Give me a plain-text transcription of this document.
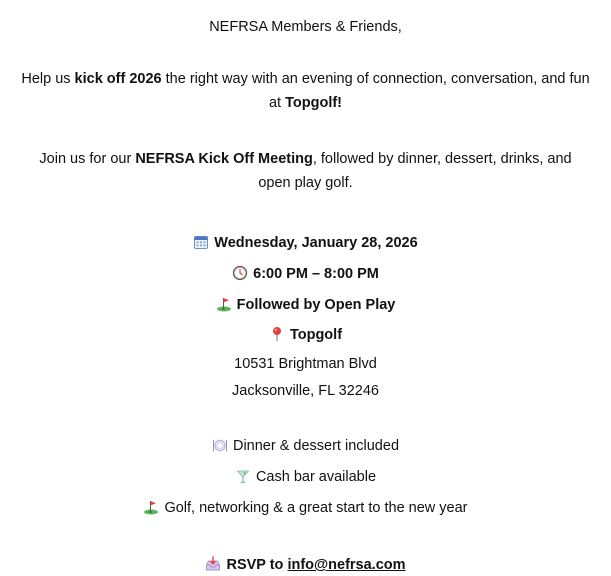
NEFRSA Members & Friends,
Help us kick off 2026 the right way with an evening of connection, conversation, and fun at Topgolf!
Join us for our NEFRSA Kick Off Meeting, followed by dinner, dessert, drinks, and open play golf.
Wednesday, January 28, 2026
6:00 PM – 8:00 PM
Followed by Open Play
Topgolf
10531 Brightman Blvd
Jacksonville, FL 32246
Dinner & dessert included
Cash bar available
Golf, networking & a great start to the new year
RSVP to info@nefrsa.com
